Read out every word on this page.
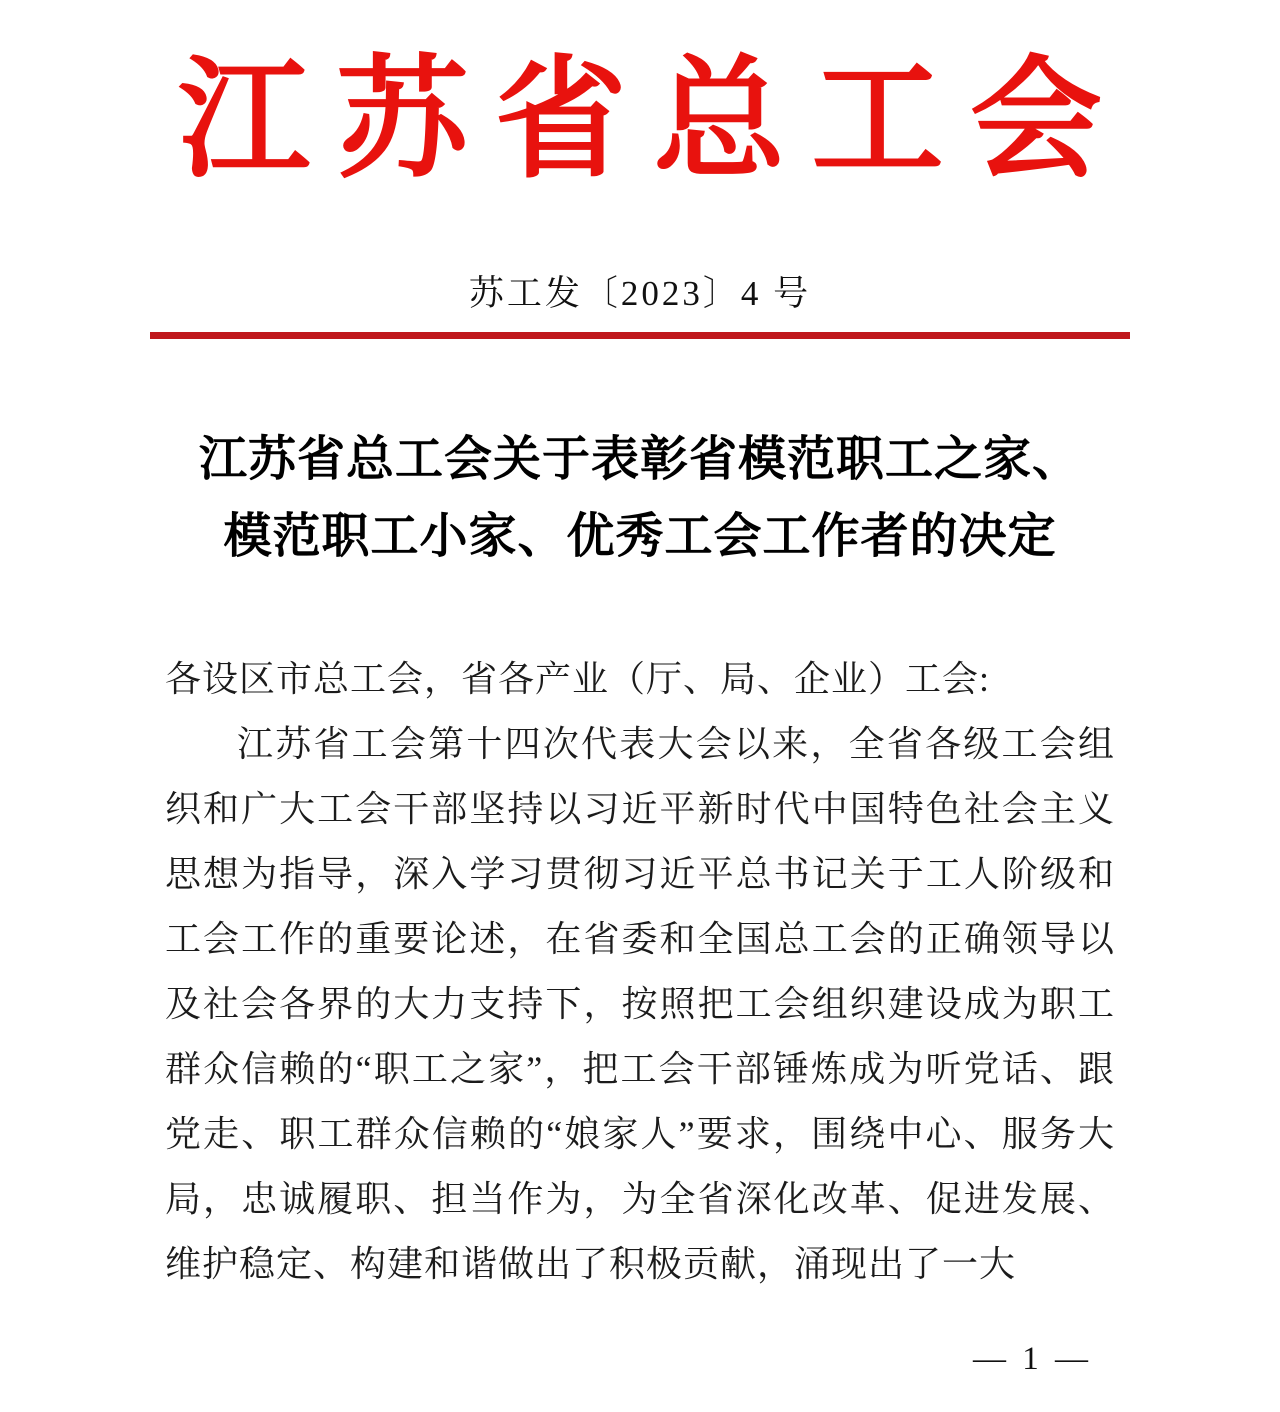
江苏省总工会
苏工发〔2023〕4 号
江苏省总工会关于表彰省模范职工之家、
模范职工小家、优秀工会工作者的决定
各设区市总工会，省各产业（厅、局、企业）工会:

江苏省工会第十四次代表大会以来，全省各级工会组织和广大工会干部坚持以习近平新时代中国特色社会主义思想为指导，深入学习贯彻习近平总书记关于工人阶级和工会工作的重要论述，在省委和全国总工会的正确领导以及社会各界的大力支持下，按照把工会组织建设成为职工群众信赖的“职工之家”，把工会干部锤炼成为听党话、跟党走、职工群众信赖的“娘家人”要求，围绕中心、服务大局，忠诚履职、担当作为，为全省深化改革、促进发展、维护稳定、构建和谐做出了积极贡献，涌现出了一大

— 1 —
